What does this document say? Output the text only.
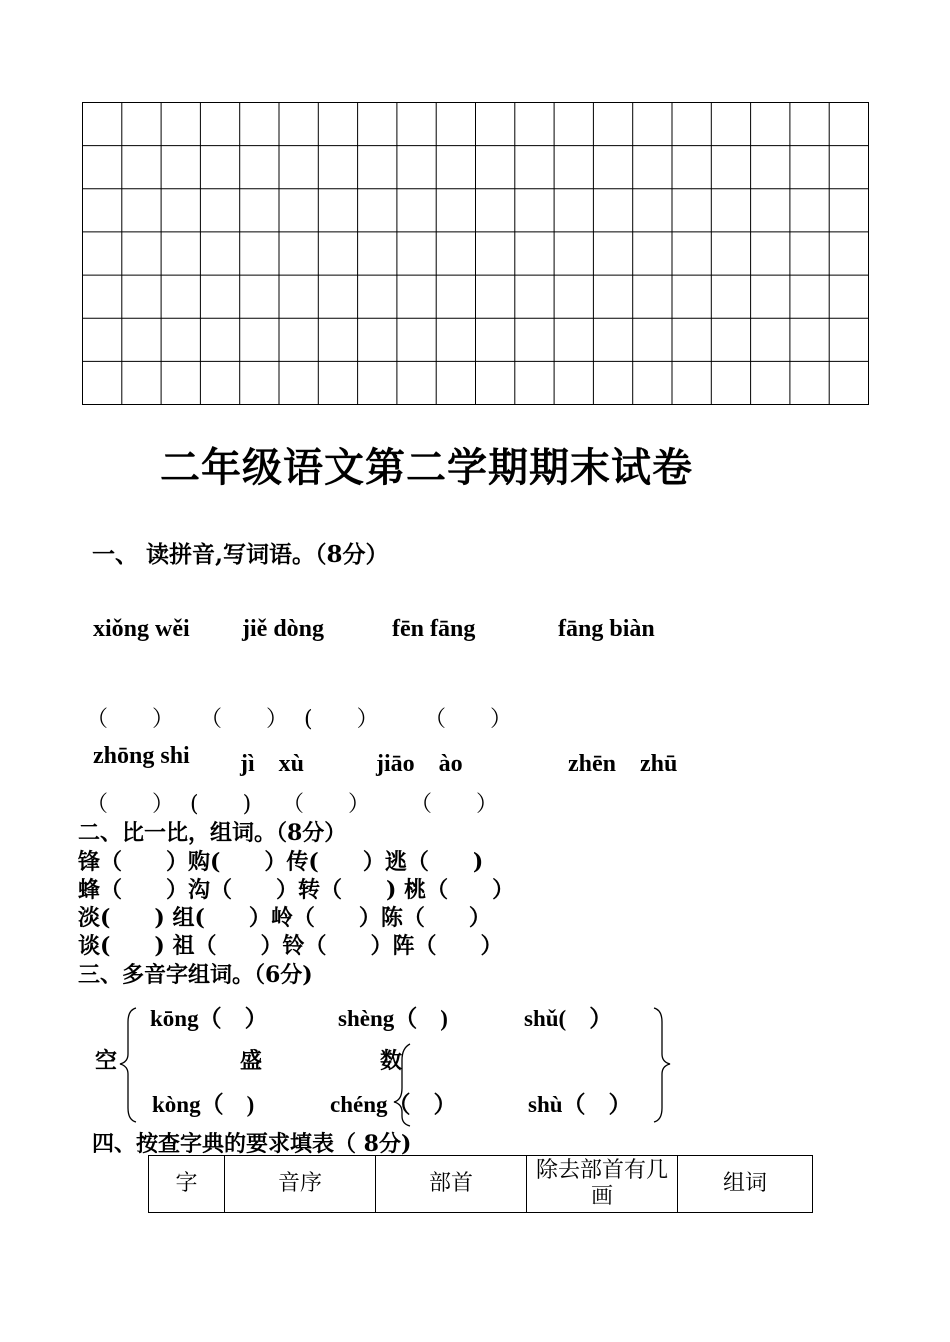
二年级语文第二学期期末试卷
一、 读拼音,写词语。（8分）
xiǒng wěi jiě dòng	fēn fāng	fāng biàn
（　　） （　　） (　　） （　　）
zhōng shi jì　xù	jiāo　ào	zhēn　zhū
（　　） (　　) （　　） （　　）
二、比一比，组词。（8分）
锋（　　）购(　　）传(　　）逃（　　)
蜂（　　）沟（　　）转（　　) 桃（　　）
淡(　　) 组(　　）岭（　　）陈（　　）
谈(　　) 祖（　　）铃（　　）阵（　　）
三、多音字组词。（6分)
空	盛	数
kōng（　）	shèng（　)	shǔ(　）
kòng（　)	chéng（　）	shù（　）
四、按查字典的要求填表（ 8分)
字	音序	部首	除去部首有几画	组词
